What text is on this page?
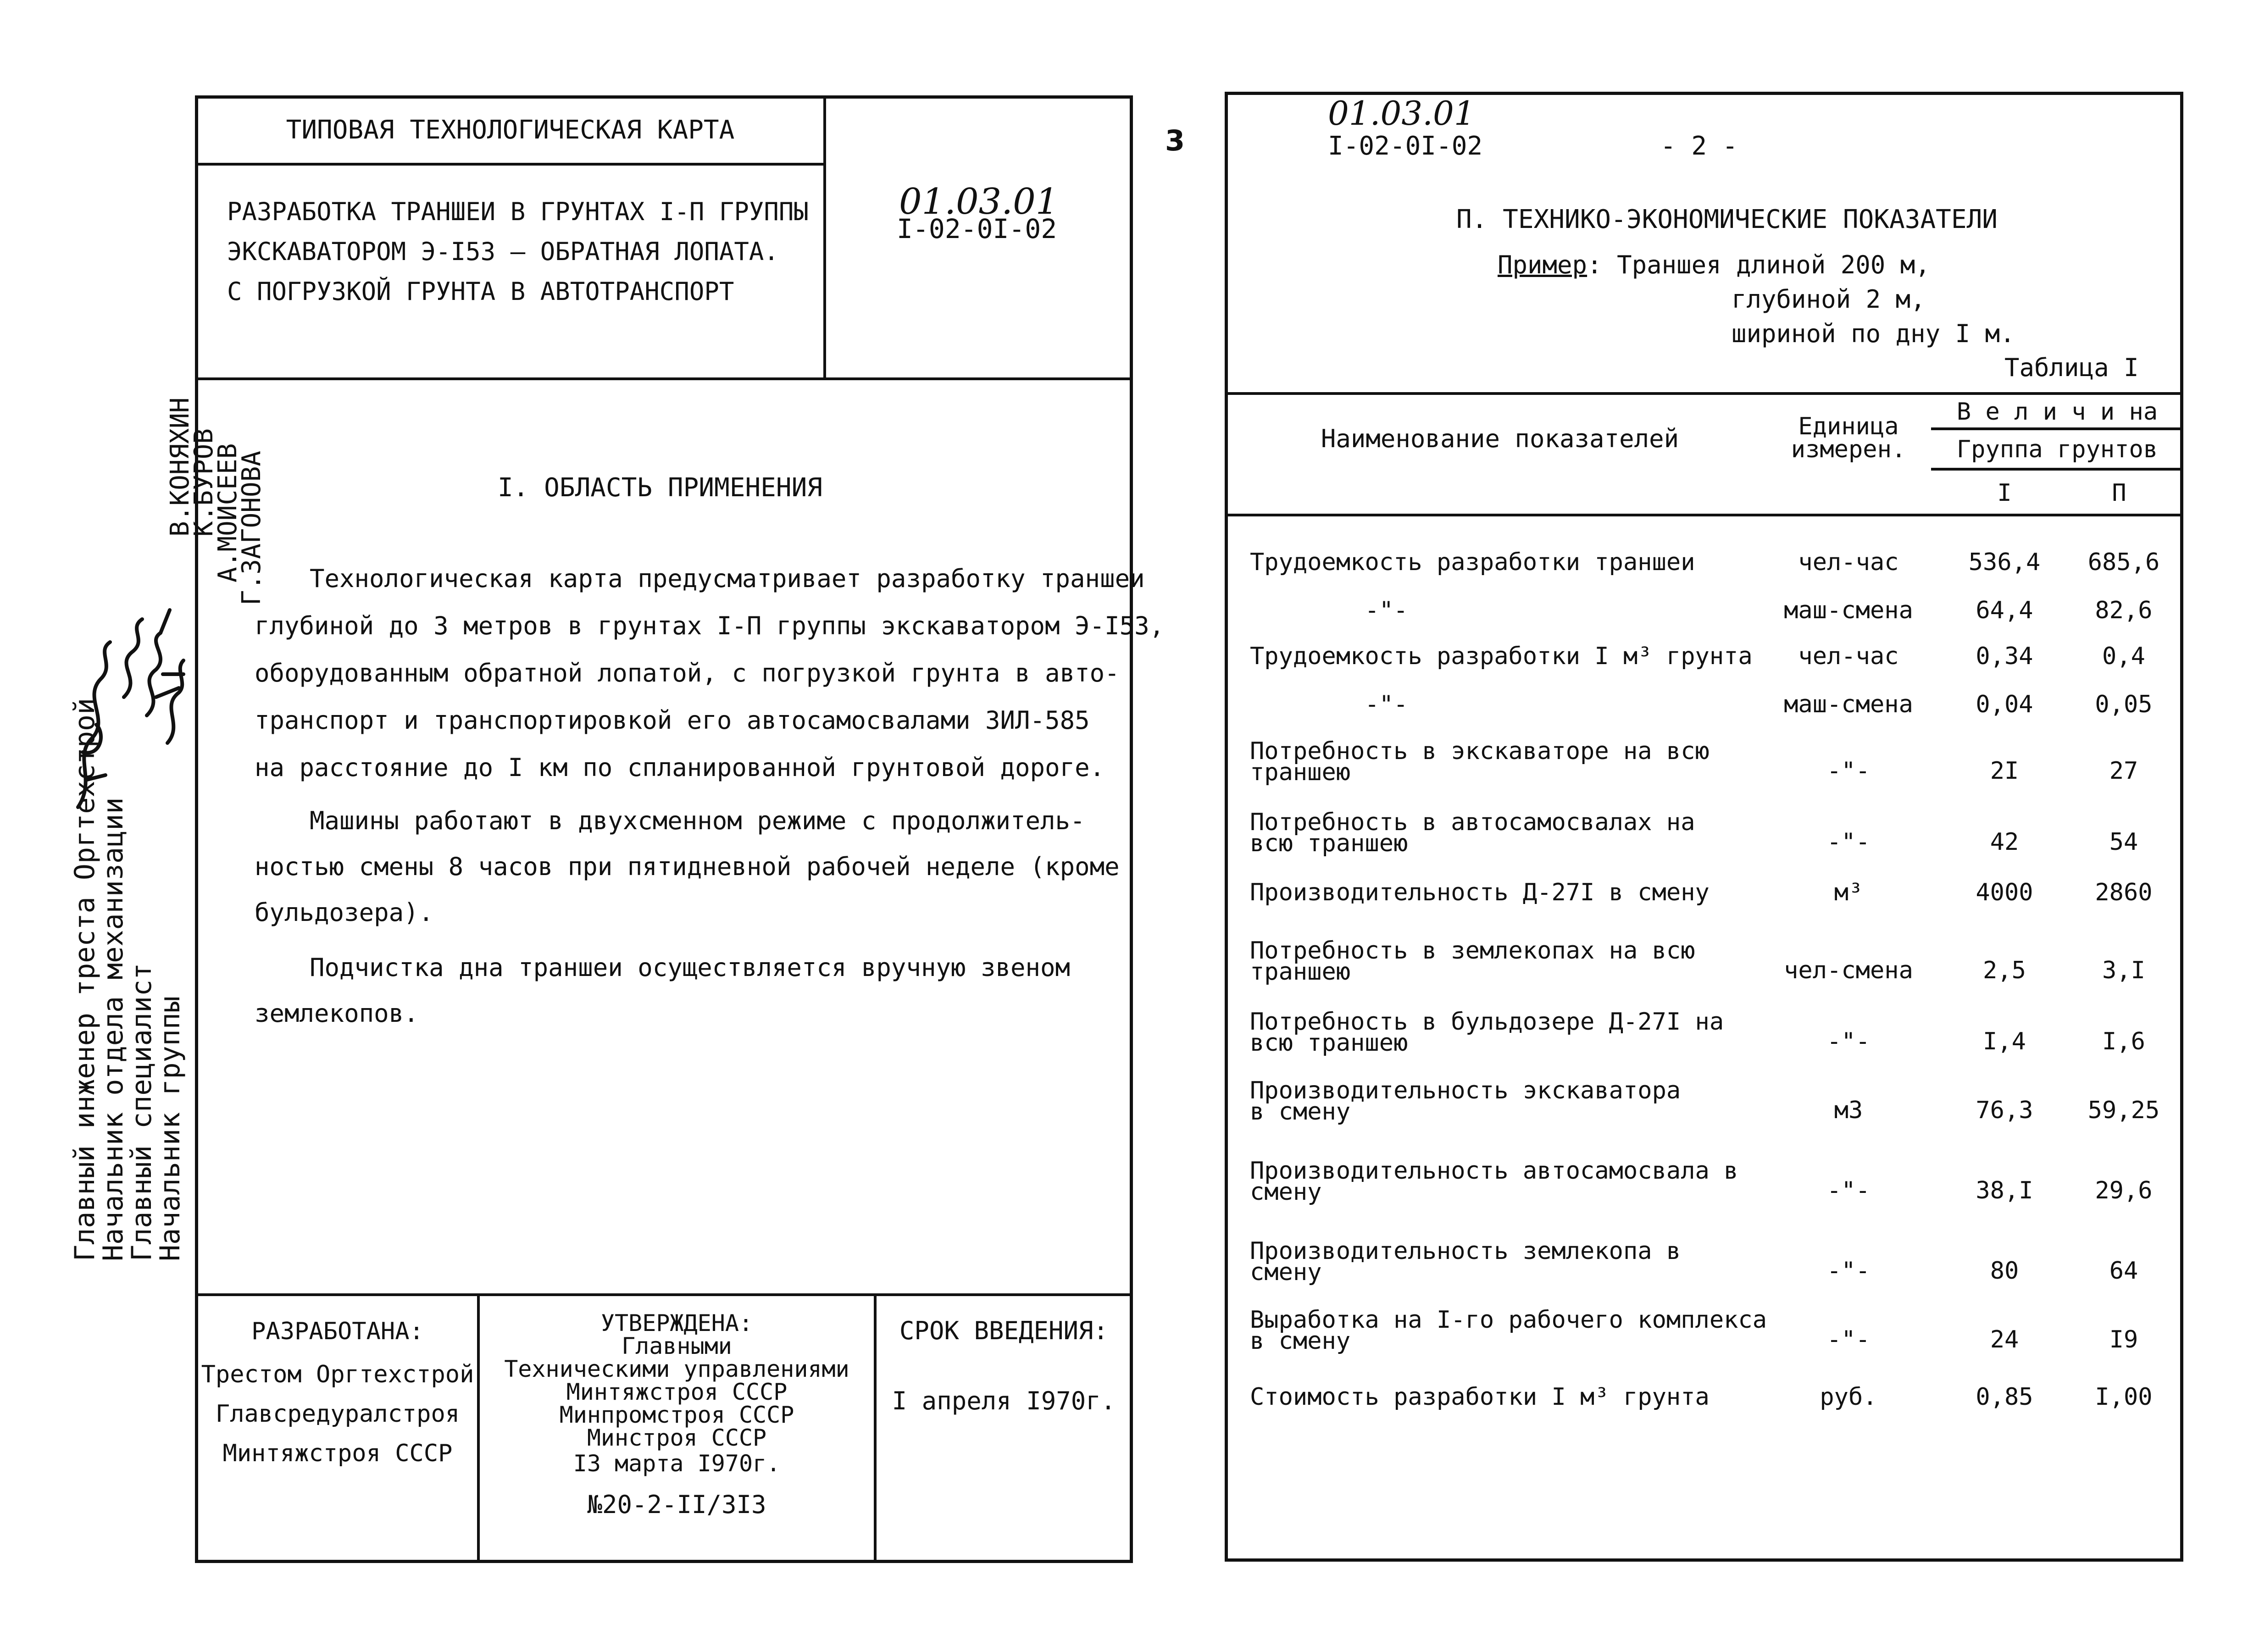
ТИПОВАЯ ТЕХНОЛОГИЧЕСКАЯ КАРТА
РАЗРАБОТКА ТРАНШЕИ В ГРУНТАХ I-П ГРУППЫ
ЭКСКАВАТОРОМ Э-I53 – ОБРАТНАЯ ЛОПАТА.
С ПОГРУЗКОЙ ГРУНТА В АВТОТРАНСПОРТ
01.03.01
I-02-0I-02
I. ОБЛАСТЬ ПРИМЕНЕНИЯ
Технологическая карта предусматривает разработку траншеи
глубиной до 3 метров в грунтах I-П группы экскаватором Э-I53,
оборудованным обратной лопатой, с погрузкой грунта в авто-
транспорт и транспортировкой его автосамосвалами ЗИЛ-585
на расстояние до I км по спланированной грунтовой дороге.
Машины работают в двухсменном режиме с продолжитель-
ностью смены 8 часов при пятидневной рабочей неделе (кроме
бульдозера).
Подчистка дна траншеи осуществляется вручную звеном
землекопов.
РАЗРАБОТАНА:
Трестом Оргтехстрой
Главсредуралстроя
Минтяжстроя СССР
УТВЕРЖДЕНА:
Главными
Техническими управлениями
Минтяжстроя СССР
Минпромстроя СССР
Минстроя СССР
I3 марта I970г.
№20-2-II/3I3
СРОК ВВЕДЕНИЯ:
I апреля I970г.
Главный инженер треста Оргтехстрой
Начальник отдела механизации
Главный специалист
Начальник группы
В.КОНЯХИН
К.БУРОВ
А.МОИСЕЕВ
Г.ЗАГОНОВА
3
01.03.01
I-02-0I-02	- 2 -
П. ТЕХНИКО-ЭКОНОМИЧЕСКИЕ ПОКАЗАТЕЛИ
Пример: Траншея длиной 200 м,
глубиной 2 м,
шириной по дну I м.
Таблица I
Наименование показателей	Единица
измерен.
В е л и ч и на
Группа грунтов
I	П
Трудоемкость разработки траншеи	чел-час	536,4	685,6
-"-	маш-смена	64,4	82,6
Трудоемкость разработки I м³ грунта	чел-час	0,34	0,4
-"-	маш-смена	0,04	0,05
Потребность в экскаваторе на всю
траншею	-"-	2I	27
Потребность в автосамосвалах на
всю траншею	-"-	42	54
Производительность Д-27I в смену	м³	4000	2860
Потребность в землекопах на всю
траншею	чел-смена	2,5	3,I
Потребность в бульдозере Д-27I на
всю траншею	-"-	I,4	I,6
Производительность экскаватора
в смену	м3	76,3	59,25
Производительность автосамосвала в
смену	-"-	38,I	29,6
Производительность землекопа в
смену	-"-	80	64
Выработка на I-го рабочего комплекса
в смену	-"-	24	I9
Стоимость разработки I м³ грунта	руб.	0,85	I,00
